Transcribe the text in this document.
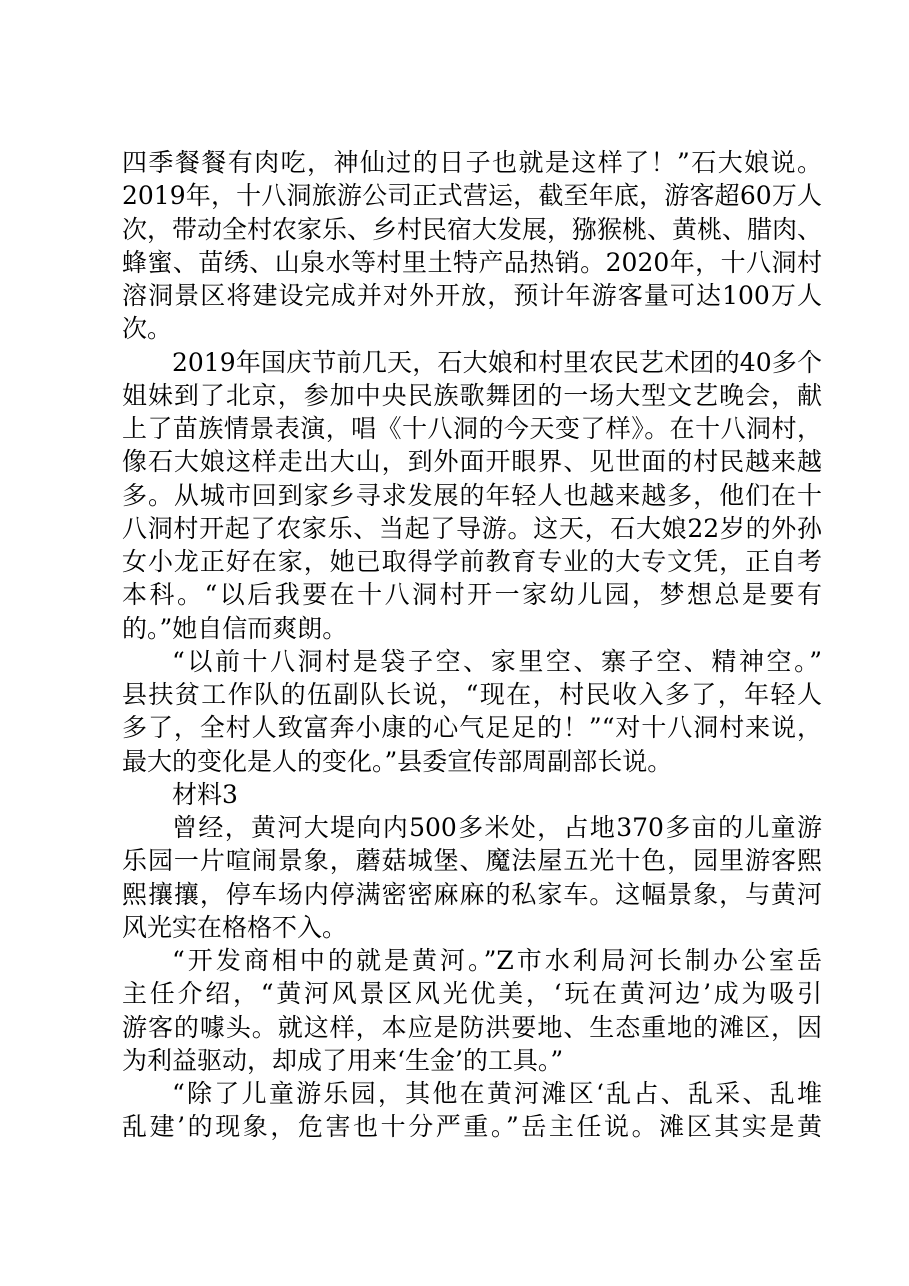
四季餐餐有肉吃，神仙过的日子也就是这样了！”石大娘说。
2019年，十八洞旅游公司正式营运，截至年底，游客超60万人
次，带动全村农家乐、乡村民宿大发展，猕猴桃、黄桃、腊肉、
蜂蜜、苗绣、山泉水等村里土特产品热销。2020年，十八洞村
溶洞景区将建设完成并对外开放，预计年游客量可达100万人
次。
2019年国庆节前几天，石大娘和村里农民艺术团的40多个
姐妹到了北京，参加中央民族歌舞团的一场大型文艺晚会，献
上了苗族情景表演，唱《十八洞的今天变了样》。在十八洞村，
像石大娘这样走出大山，到外面开眼界、见世面的村民越来越
多。从城市回到家乡寻求发展的年轻人也越来越多，他们在十
八洞村开起了农家乐、当起了导游。这天，石大娘22岁的外孙
女小龙正好在家，她已取得学前教育专业的大专文凭，正自考
本科。“以后我要在十八洞村开一家幼儿园，梦想总是要有
的。”她自信而爽朗。
“以前十八洞村是袋子空、家里空、寨子空、精神空。”
县扶贫工作队的伍副队长说，“现在，村民收入多了，年轻人
多了，全村人致富奔小康的心气足足的！”“对十八洞村来说，
最大的变化是人的变化。”县委宣传部周副部长说。
材料3
曾经，黄河大堤向内500多米处，占地370多亩的儿童游
乐园一片喧闹景象，蘑菇城堡、魔法屋五光十色，园里游客熙
熙攘攘，停车场内停满密密麻麻的私家车。这幅景象，与黄河
风光实在格格不入。
“开发商相中的就是黄河。”Z市水利局河长制办公室岳
主任介绍，“黄河风景区风光优美，‘玩在黄河边’成为吸引
游客的噱头。就这样，本应是防洪要地、生态重地的滩区，因
为利益驱动，却成了用来‘生金’的工具。”
“除了儿童游乐园，其他在黄河滩区‘乱占、乱采、乱堆
乱建’的现象，危害也十分严重。”岳主任说。滩区其实是黄
